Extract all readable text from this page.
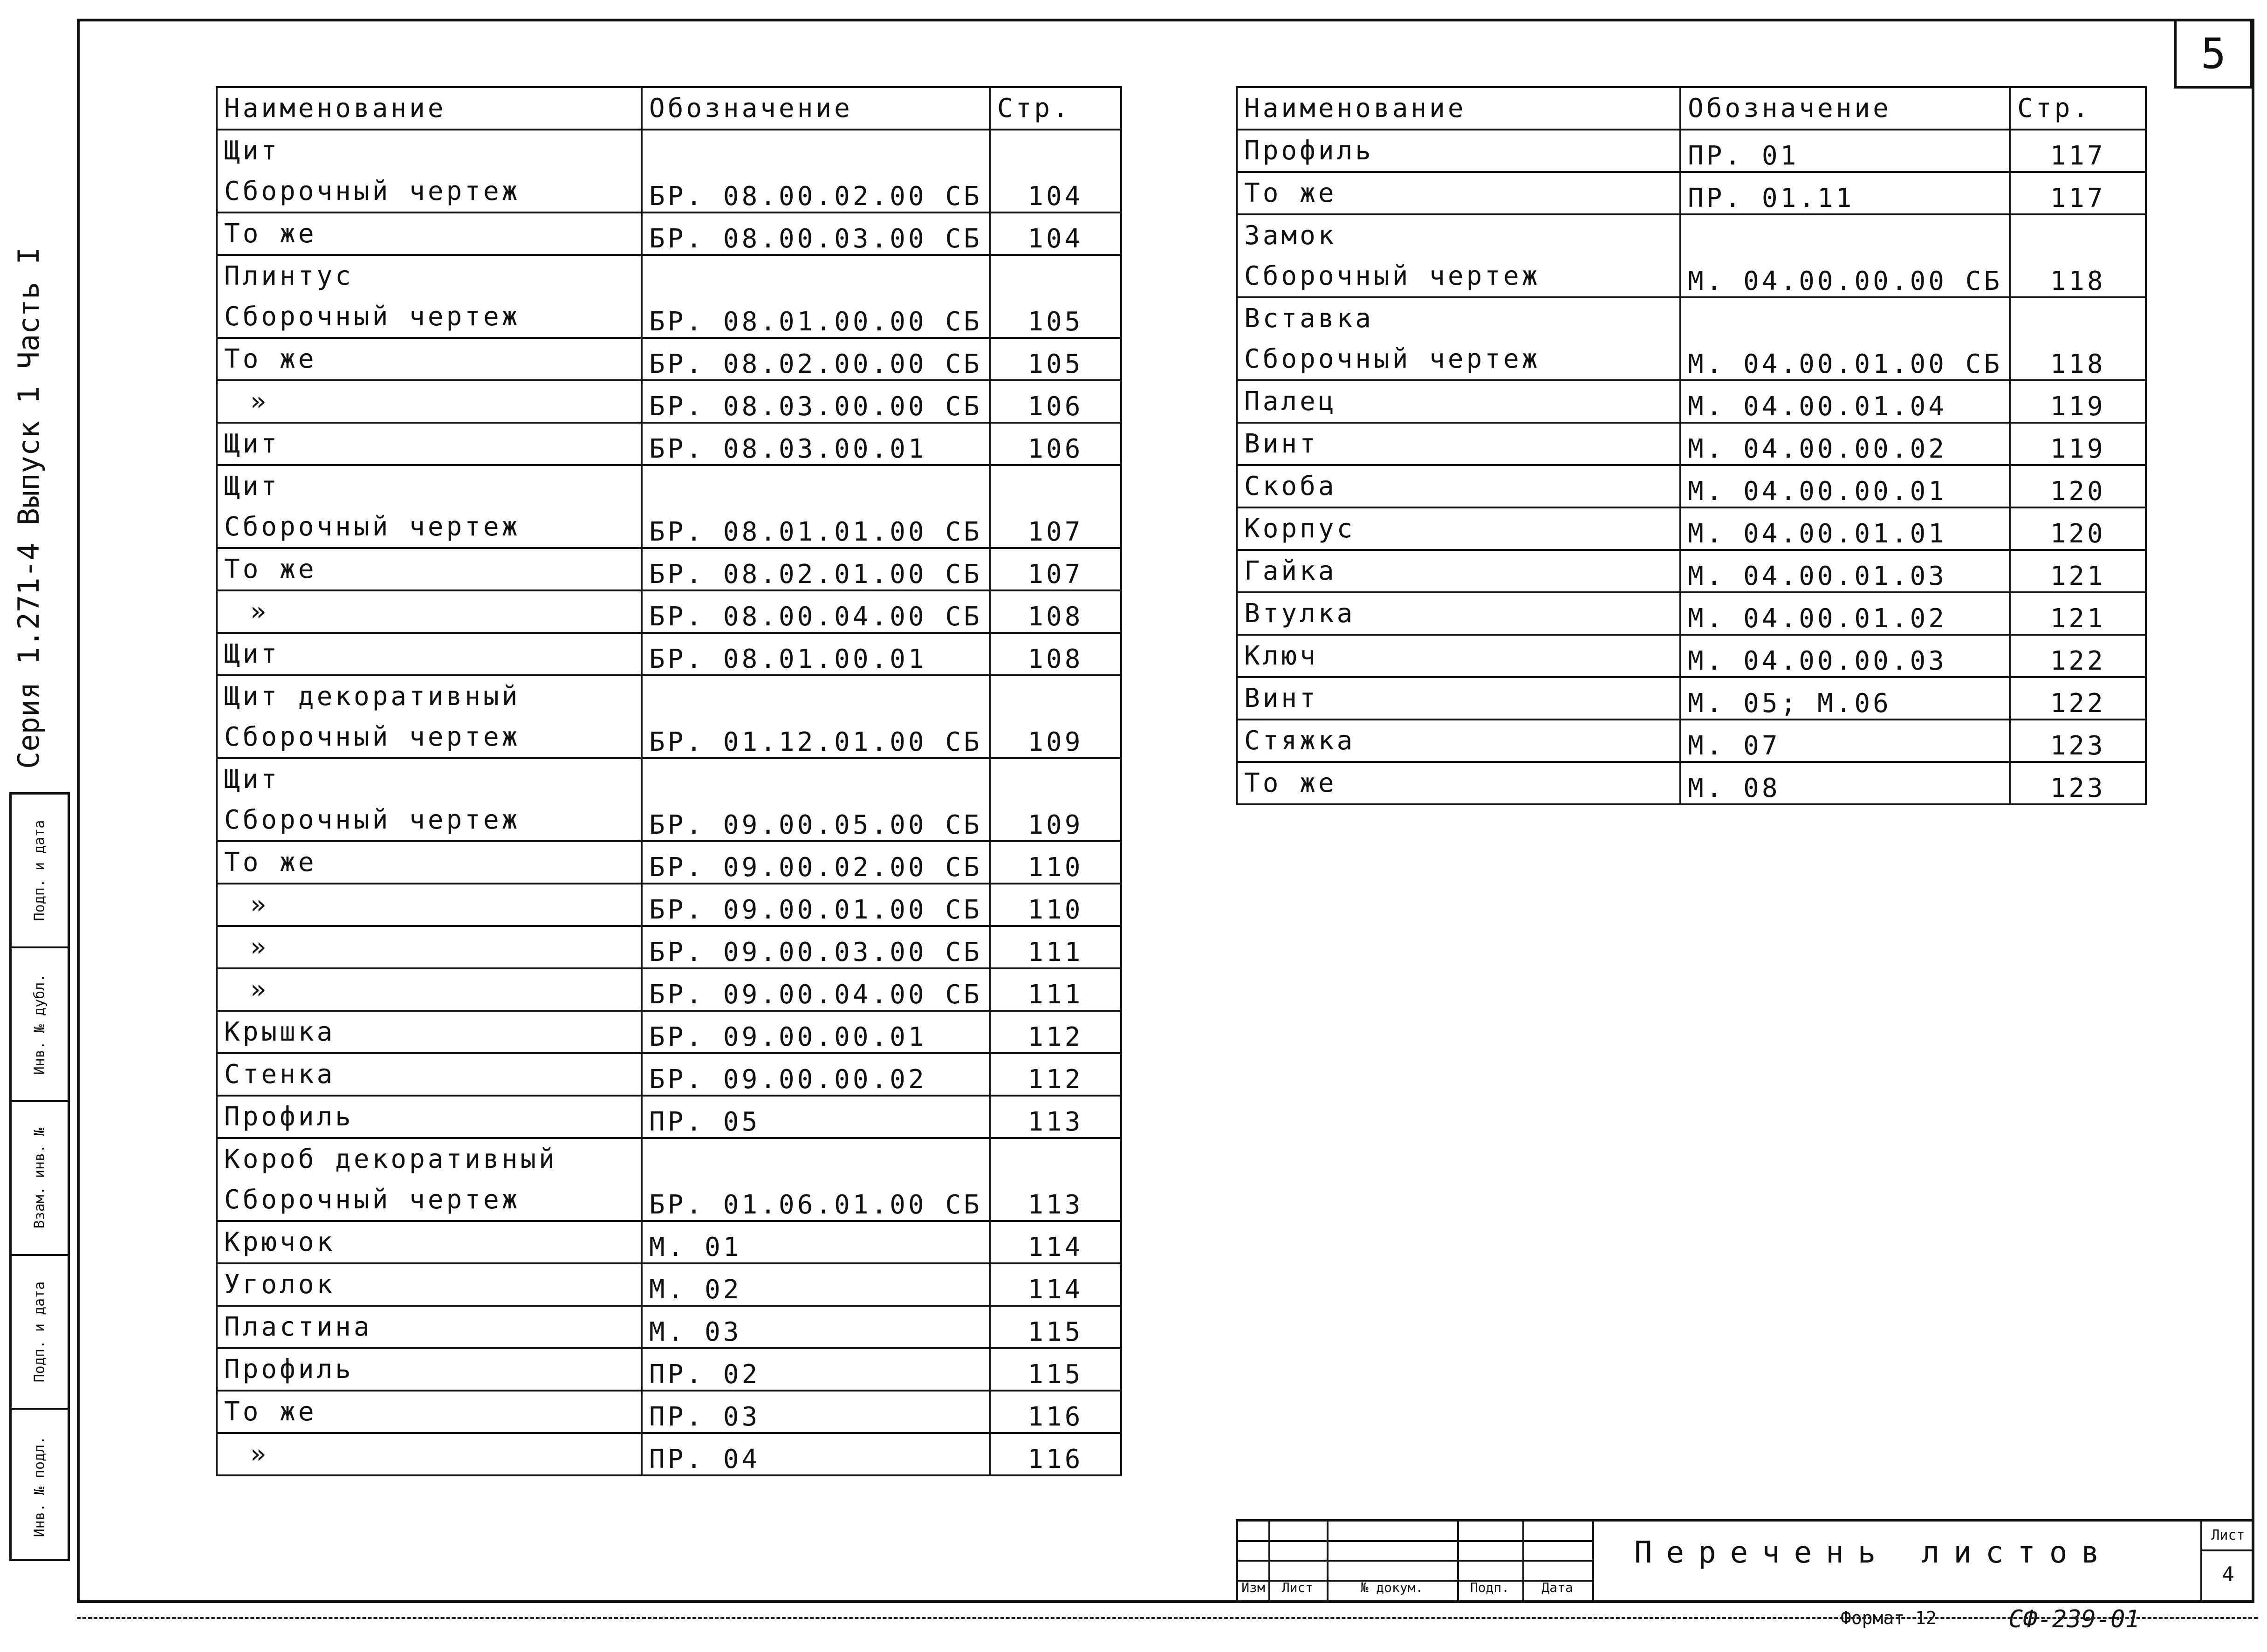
5
Серия 1.271-4 Выпуск 1 Часть I
Подп. и дата
Инв. № дубл.
Взам. инв. №
Подп. и дата
Инв. № подл.
Наименование	Обозначение	Стр.
Щит	БР. 08.00.02.00 СБ	104
Сборочный чертеж		
То же	БР. 08.00.03.00 СБ	104
Плинтус	БР. 08.01.00.00 СБ	105
Сборочный чертеж		
То же	БР. 08.02.00.00 СБ	105
»	БР. 08.03.00.00 СБ	106
Щит	БР. 08.03.00.01	106
Щит	БР. 08.01.01.00 СБ	107
Сборочный чертеж		
То же	БР. 08.02.01.00 СБ	107
»	БР. 08.00.04.00 СБ	108
Щит	БР. 08.01.00.01	108
Щит декоративный	БР. 01.12.01.00 СБ	109
Сборочный чертеж		
Щит	БР. 09.00.05.00 СБ	109
Сборочный чертеж		
То же	БР. 09.00.02.00 СБ	110
»	БР. 09.00.01.00 СБ	110
»	БР. 09.00.03.00 СБ	111
»	БР. 09.00.04.00 СБ	111
Крышка	БР. 09.00.00.01	112
Стенка	БР. 09.00.00.02	112
Профиль	ПР. 05	113
Короб декоративный	БР. 01.06.01.00 СБ	113
Сборочный чертеж		
Крючок	М. 01	114
Уголок	М. 02	114
Пластина	М. 03	115
Профиль	ПР. 02	115
То же	ПР. 03	116
»	ПР. 04	116
Наименование	Обозначение	Стр.
Профиль	ПР. 01	117
То же	ПР. 01.11	117
Замок	М. 04.00.00.00 СБ	118
Сборочный чертеж		
Вставка	М. 04.00.01.00 СБ	118
Сборочный чертеж		
Палец	М. 04.00.01.04	119
Винт	М. 04.00.00.02	119
Скоба	М. 04.00.00.01	120
Корпус	М. 04.00.01.01	120
Гайка	М. 04.00.01.03	121
Втулка	М. 04.00.01.02	121
Ключ	М. 04.00.00.03	122
Винт	М. 05; М.06	122
Стяжка	М. 07	123
То же	М. 08	123
Изм	Лист	№ докум.	Подп.	Дата
Перечень листов
Лист
4
Формат 12	СФ-239-01
